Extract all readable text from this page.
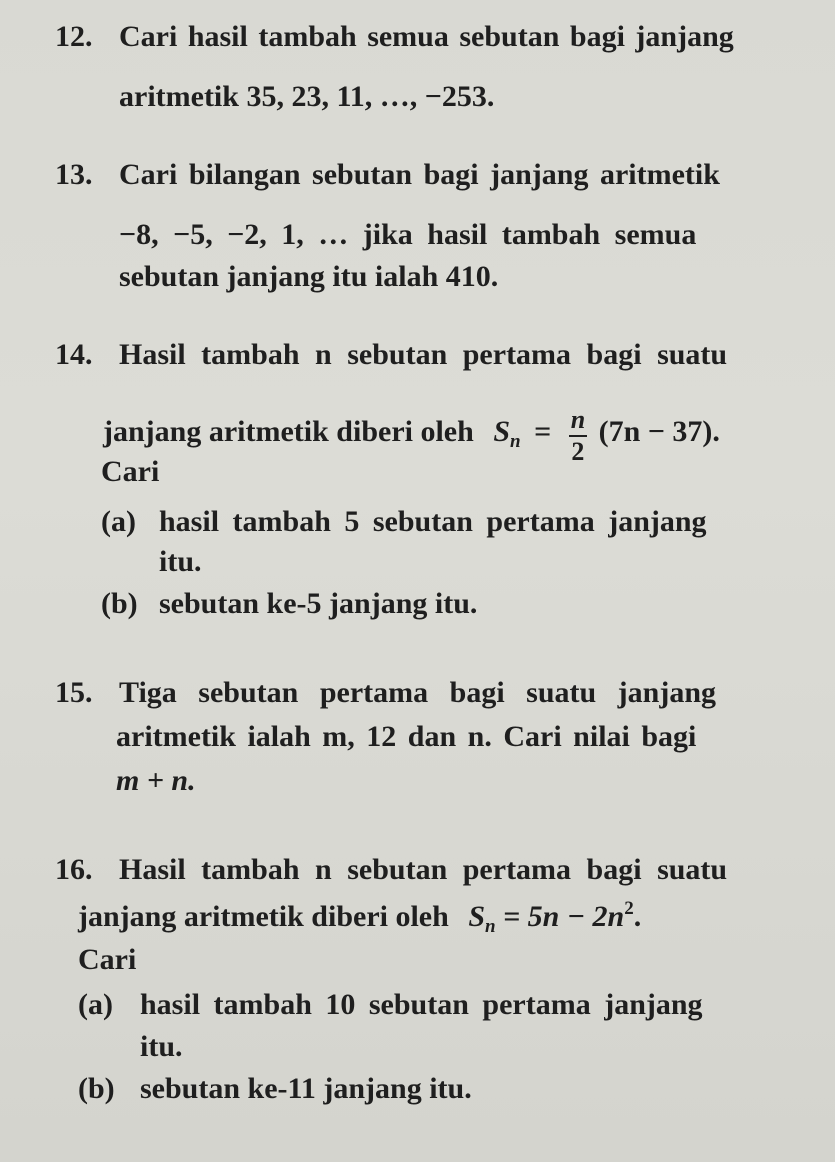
12. Cari hasil tambah semua sebutan bagi janjang
aritmetik 35, 23, 11, …, −253.
13. Cari bilangan sebutan bagi janjang aritmetik
−8, −5, −2, 1, … jika hasil tambah semua
sebutan janjang itu ialah 410.
14. Hasil tambah n sebutan pertama bagi suatu
janjang aritmetik diberi oleh $S_n = \frac{n}{2} (7n - 37)$.
Cari
(a) hasil tambah 5 sebutan pertama janjang
itu.
(b) sebutan ke-5 janjang itu.
15. Tiga sebutan pertama bagi suatu janjang
aritmetik ialah m, 12 dan n. Cari nilai bagi
m + n.
16. Hasil tambah n sebutan pertama bagi suatu
janjang aritmetik diberi oleh $S_n = 5n - 2n^2$.
Cari
(a) hasil tambah 10 sebutan pertama janjang
itu.
(b) sebutan ke-11 janjang itu.
